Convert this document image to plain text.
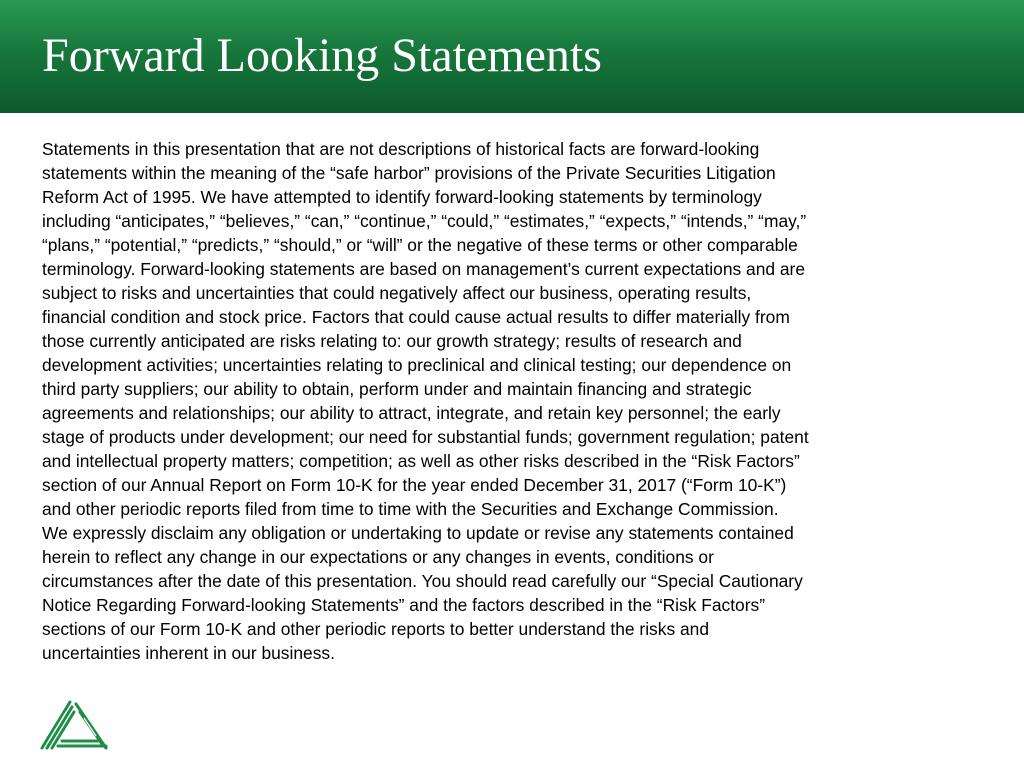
Forward Looking Statements
Statements in this presentation that are not descriptions of historical facts are forward-looking
statements within the meaning of the “safe harbor” provisions of the Private Securities Litigation
Reform Act of 1995. We have attempted to identify forward-looking statements by terminology
including “anticipates,” “believes,” “can,” “continue,” “could,” “estimates,” “expects,” “intends,” “may,”
“plans,” “potential,” “predicts,” “should,” or “will” or the negative of these terms or other comparable
terminology. Forward-looking statements are based on management’s current expectations and are
subject to risks and uncertainties that could negatively affect our business, operating results,
financial condition and stock price. Factors that could cause actual results to differ materially from
those currently anticipated are risks relating to: our growth strategy; results of research and
development activities; uncertainties relating to preclinical and clinical testing; our dependence on
third party suppliers; our ability to obtain, perform under and maintain financing and strategic
agreements and relationships; our ability to attract, integrate, and retain key personnel; the early
stage of products under development; our need for substantial funds; government regulation; patent
and intellectual property matters; competition; as well as other risks described in the “Risk Factors”
section of our Annual Report on Form 10-K for the year ended December 31, 2017 (“Form 10-K”)
and other periodic reports filed from time to time with the Securities and Exchange Commission.
We expressly disclaim any obligation or undertaking to update or revise any statements contained
herein to reflect any change in our expectations or any changes in events, conditions or
circumstances after the date of this presentation. You should read carefully our “Special Cautionary
Notice Regarding Forward-looking Statements” and the factors described in the “Risk Factors”
sections of our Form 10-K and other periodic reports to better understand the risks and
uncertainties inherent in our business.
